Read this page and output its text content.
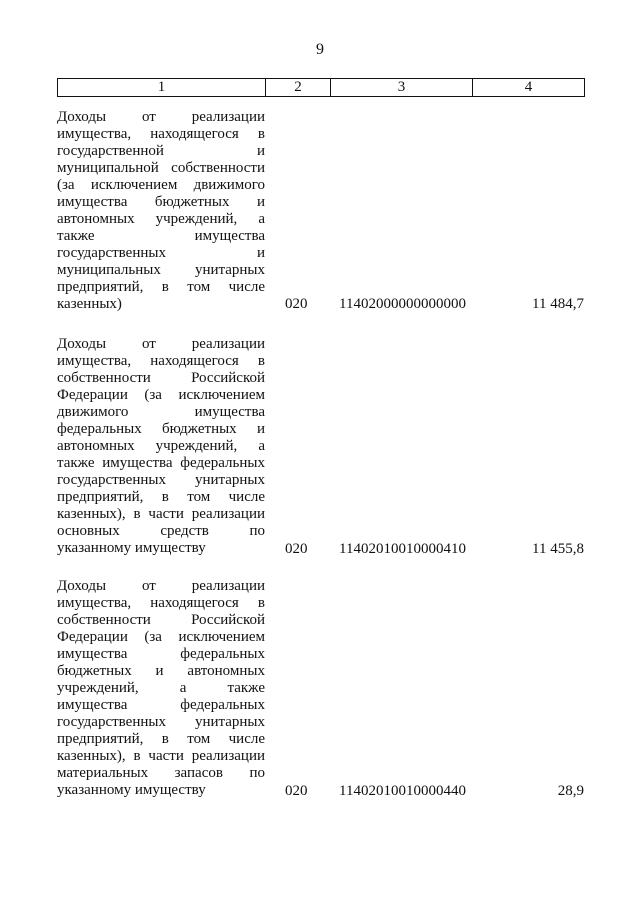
9
1	2	3	4
Доходы от реализации
имущества, находящегося в
государственной и
муниципальной собственности
(за исключением движимого
имущества бюджетных и
автономных учреждений, а
также имущества
государственных и
муниципальных унитарных
предприятий, в том числе
казенных)	020 11402000000000000	11 484,7
Доходы от реализации
имущества, находящегося в
собственности Российской
Федерации (за исключением
движимого имущества
федеральных бюджетных и
автономных учреждений, а
также имущества федеральных
государственных унитарных
предприятий, в том числе
казенных), в части реализации
основных средств по
указанному имуществу	020 11402010010000410	11 455,8
Доходы от реализации
имущества, находящегося в
собственности Российской
Федерации (за исключением
имущества федеральных
бюджетных и автономных
учреждений, а также
имущества федеральных
государственных унитарных
предприятий, в том числе
казенных), в части реализации
материальных запасов по
указанному имуществу	020 11402010010000440	28,9
